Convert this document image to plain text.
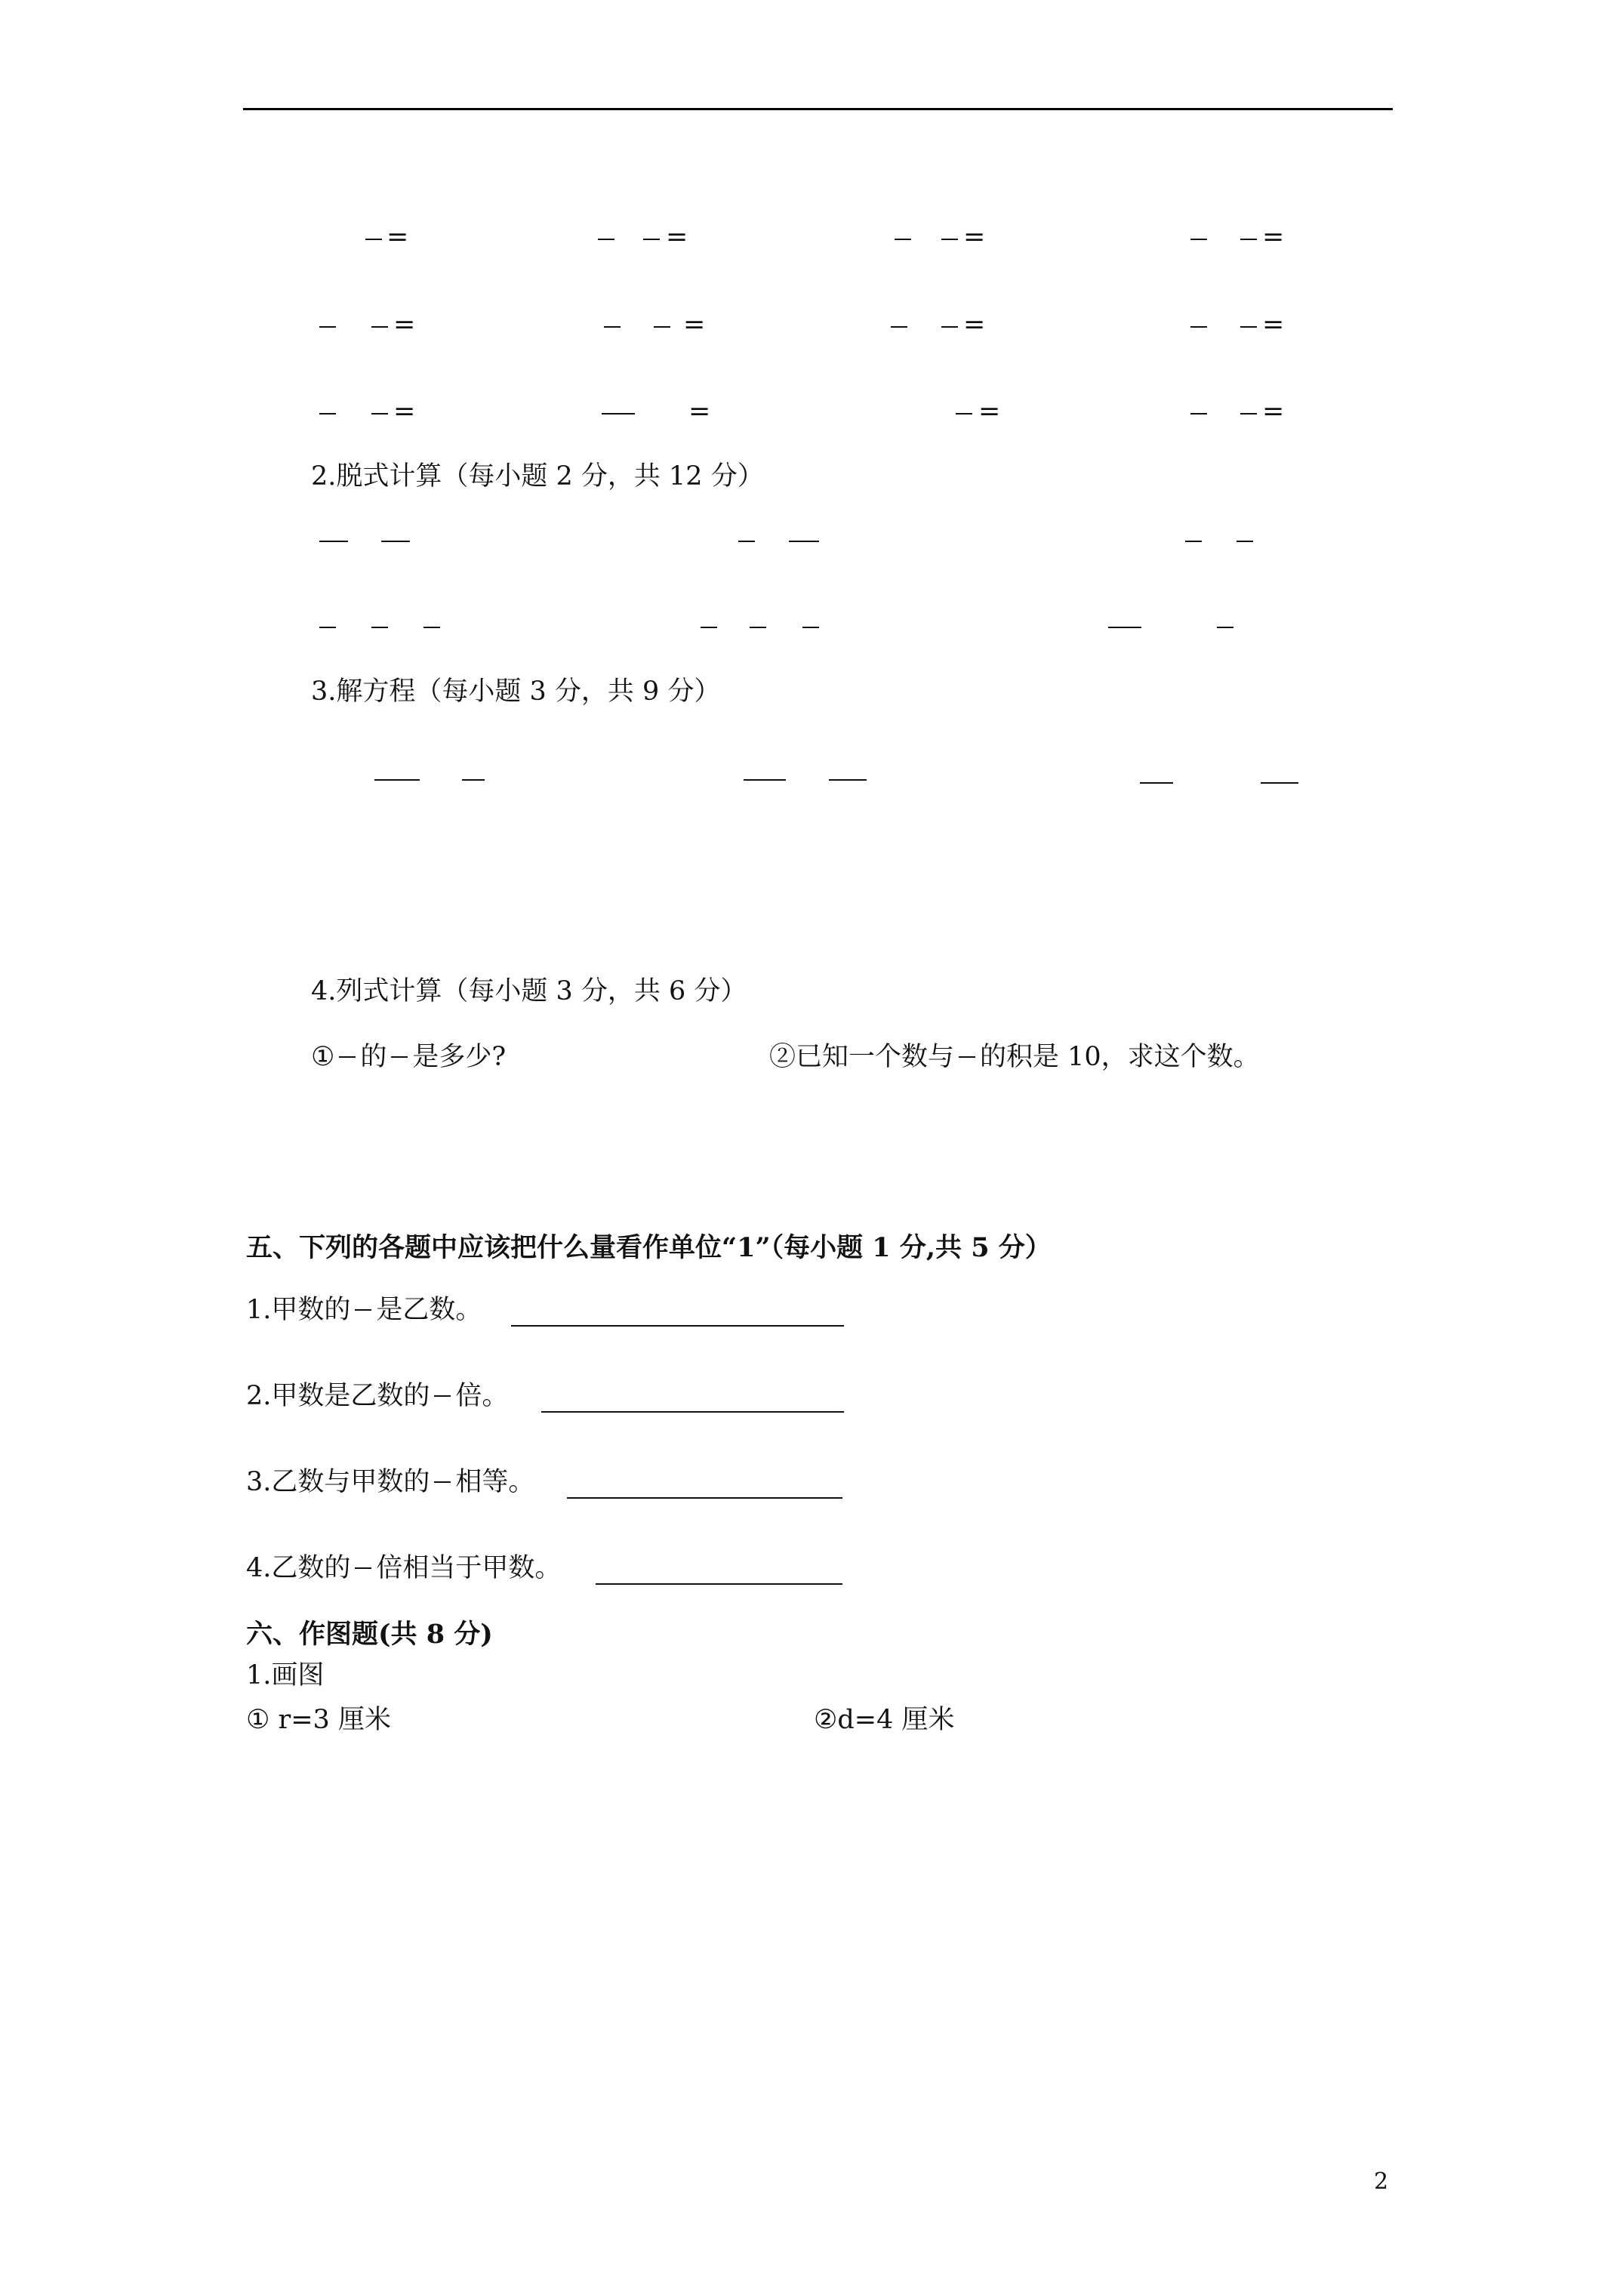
=	=	=	=
=	=	=	=
=	=	=	=
2.脱式计算（每小题 2 分，共 12 分）
3.解方程（每小题 3 分，共 9 分）
4.列式计算（每小题 3 分，共 6 分）
① 的 是多少?	②已知一个数与 的积是 10，求这个数。
五、下列的各题中应该把什么量看作单位“1”（每小题 1 分,共 5 分）
1.甲数的 是乙数。
2.甲数是乙数的 倍。
3.乙数与甲数的 相等。
4.乙数的 倍相当于甲数。
六、作图题(共 8 分)
1.画图
① r=3 厘米	②d=4 厘米
2
